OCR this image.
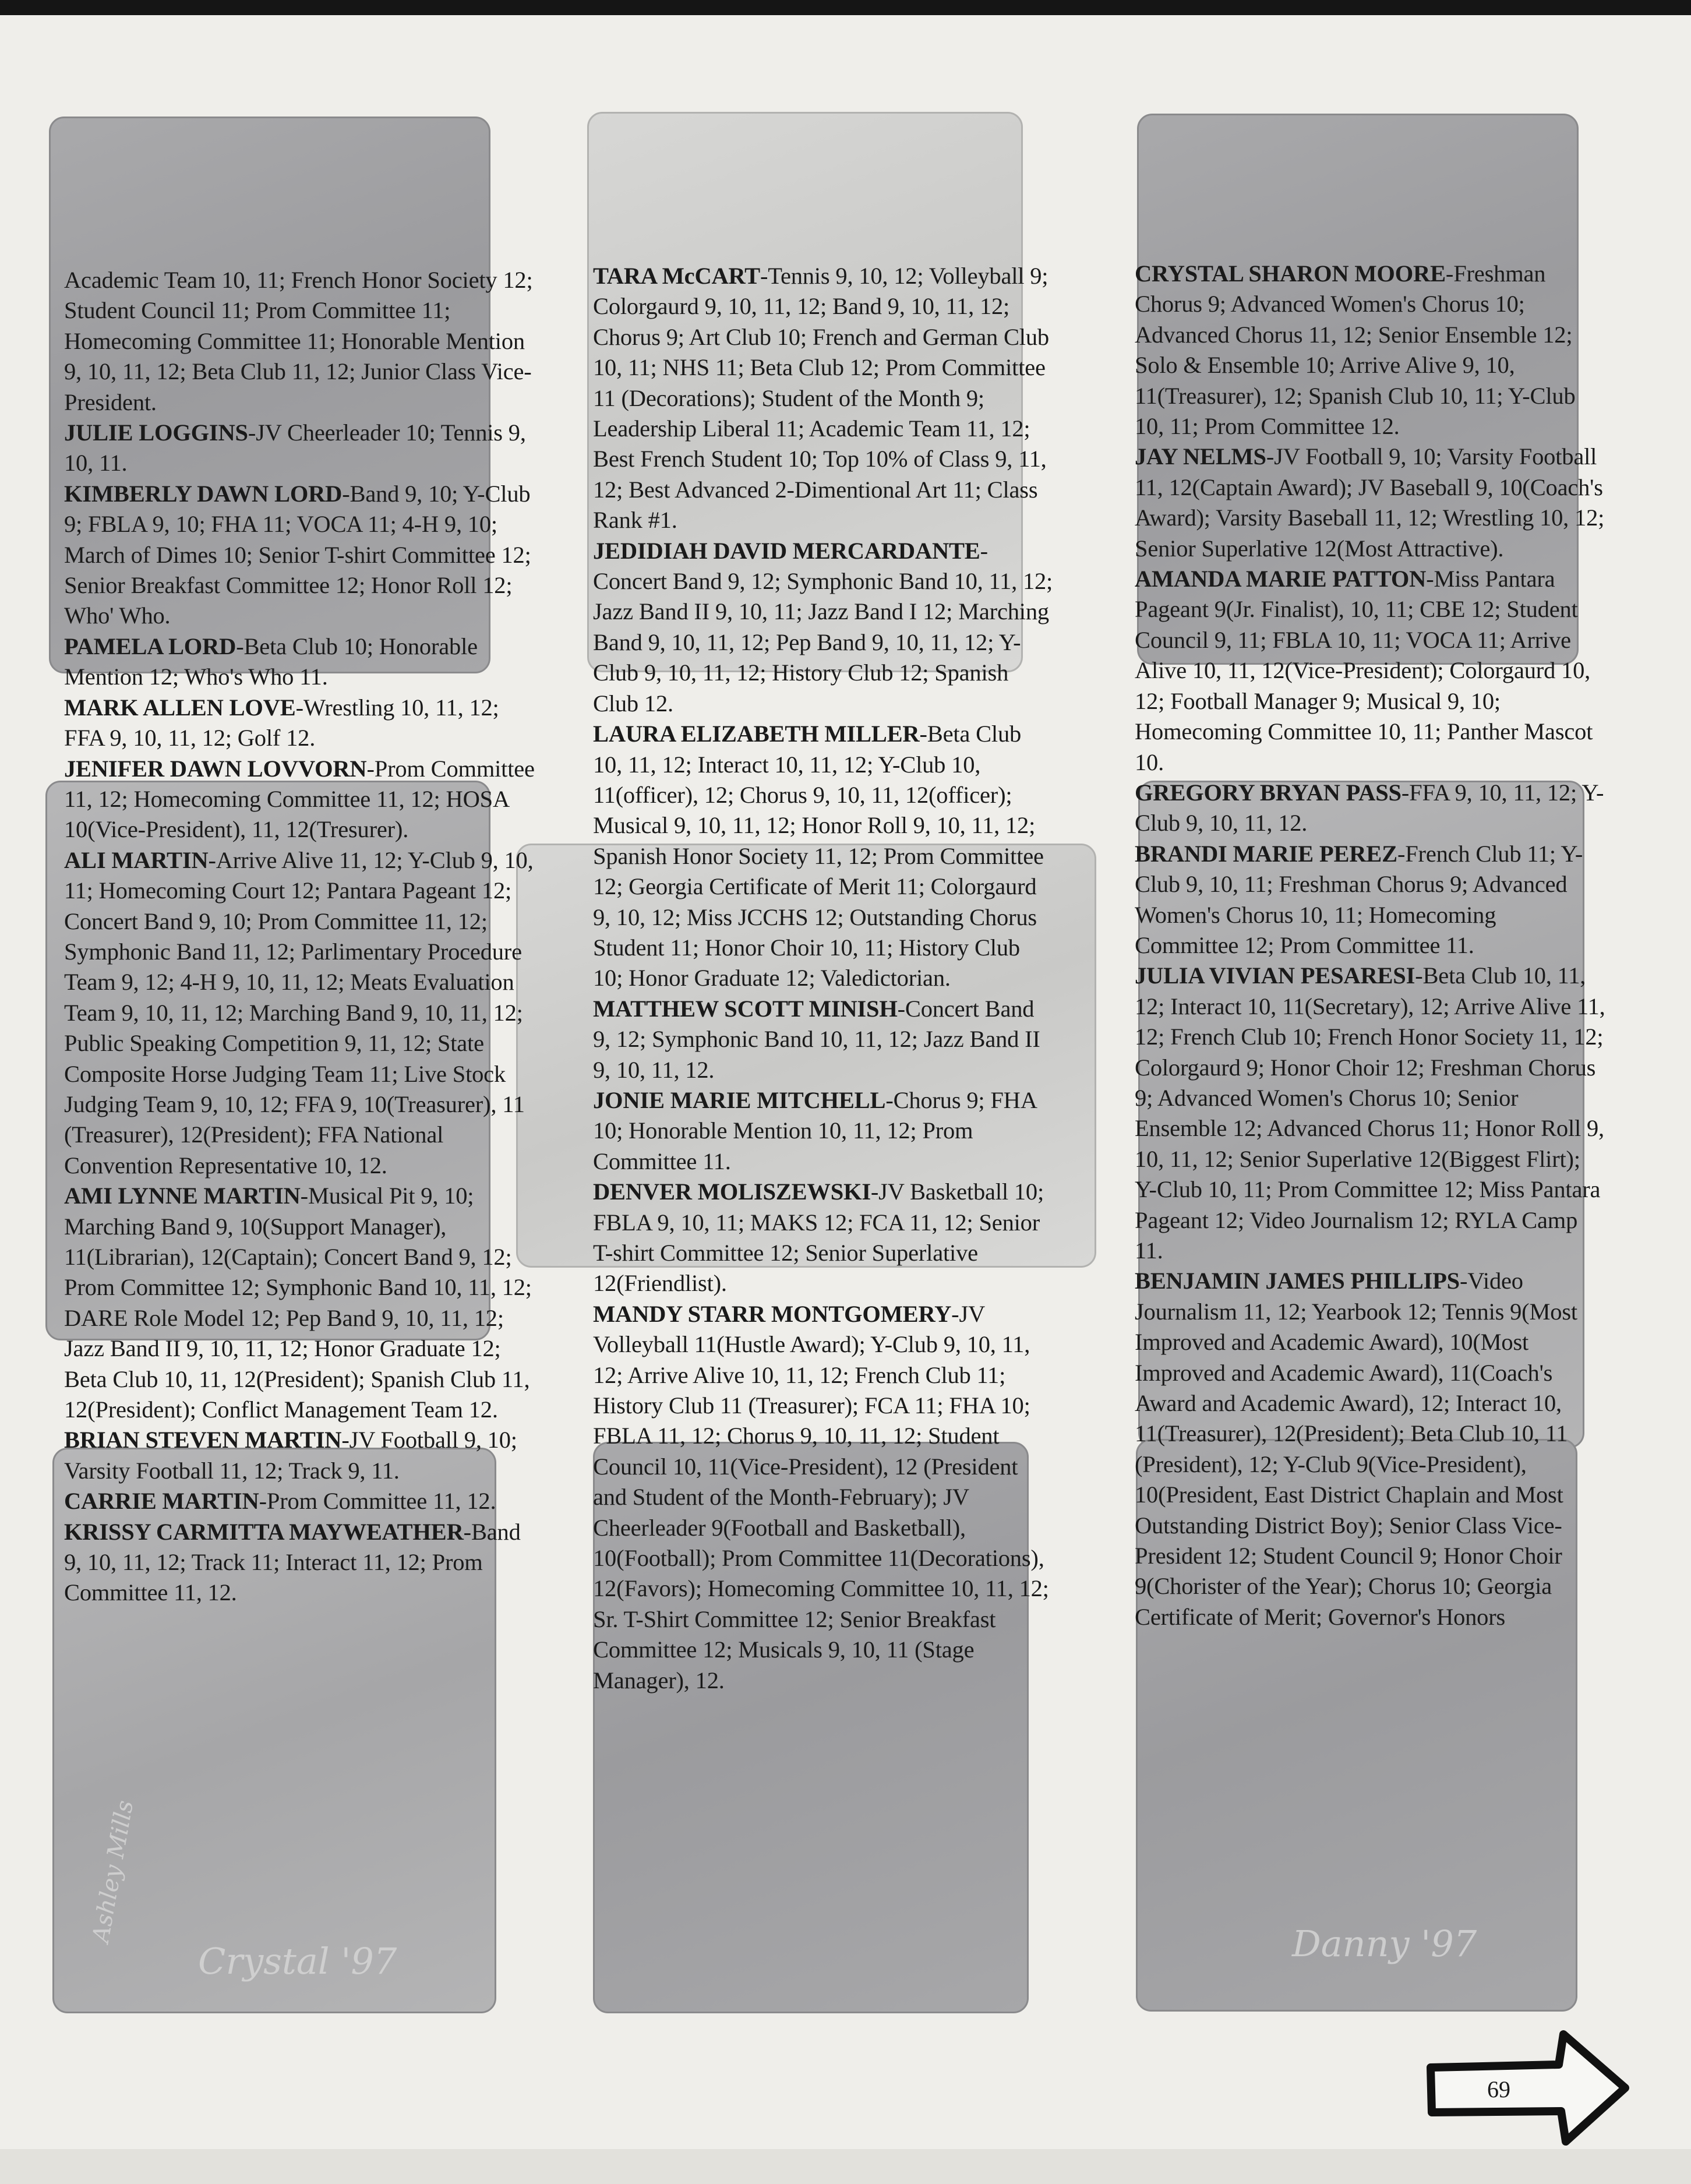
Crystal '97
Ashley Mills	Danny '97

Academic Team 10, 11; French Honor Society 12; Student Council 11; Prom Committee 11; Homecoming Committee 11; Honorable Mention 9, 10, 11, 12; Beta Club 11, 12; Junior Class Vice-President.

JULIE LOGGINS-JV Cheerleader 10; Tennis 9, 10, 11.

KIMBERLY DAWN LORD-Band 9, 10; Y-Club 9; FBLA 9, 10; FHA 11; VOCA 11; 4-H 9, 10; March of Dimes 10; Senior T-shirt Committee 12; Senior Breakfast Committee 12; Honor Roll 12; Who' Who.

PAMELA LORD-Beta Club 10; Honorable Mention 12; Who's Who 11.

MARK ALLEN LOVE-Wrestling 10, 11, 12; FFA 9, 10, 11, 12; Golf 12.

JENIFER DAWN LOVVORN-Prom Committee 11, 12; Homecoming Committee 11, 12; HOSA 10(Vice-President), 11, 12(Tresurer).

ALI MARTIN-Arrive Alive 11, 12; Y-Club 9, 10, 11; Homecoming Court 12; Pantara Pageant 12; Concert Band 9, 10; Prom Committee 11, 12; Symphonic Band 11, 12; Parlimentary Procedure Team 9, 12; 4-H 9, 10, 11, 12; Meats Evaluation Team 9, 10, 11, 12; Marching Band 9, 10, 11, 12; Public Speaking Competition 9, 11, 12; State Composite Horse Judging Team 11; Live Stock Judging Team 9, 10, 12; FFA 9, 10(Treasurer), 11 (Treasurer), 12(President); FFA National Convention Representative 10, 12.

AMI LYNNE MARTIN-Musical Pit 9, 10; Marching Band 9, 10(Support Manager), 11(Librarian), 12(Captain); Concert Band 9, 12; Prom Committee 12; Symphonic Band 10, 11, 12; DARE Role Model 12; Pep Band 9, 10, 11, 12; Jazz Band II 9, 10, 11, 12; Honor Graduate 12; Beta Club 10, 11, 12(President); Spanish Club 11, 12(President); Conflict Management Team 12.

BRIAN STEVEN MARTIN-JV Football 9, 10; Varsity Football 11, 12; Track 9, 11.

CARRIE MARTIN-Prom Committee 11, 12.

KRISSY CARMITTA MAYWEATHER-Band 9, 10, 11, 12; Track 11; Interact 11, 12; Prom Committee 11, 12.

TARA McCART-Tennis 9, 10, 12; Volleyball 9; Colorgaurd 9, 10, 11, 12; Band 9, 10, 11, 12; Chorus 9; Art Club 10; French and German Club 10, 11; NHS 11; Beta Club 12; Prom Committee 11 (Decorations); Student of the Month 9; Leadership Liberal 11; Academic Team 11, 12; Best French Student 10; Top 10% of Class 9, 11, 12; Best Advanced 2-Dimentional Art 11; Class Rank #1.

JEDIDIAH DAVID MERCARDANTE-Concert Band 9, 12; Symphonic Band 10, 11, 12; Jazz Band II 9, 10, 11; Jazz Band I 12; Marching Band 9, 10, 11, 12; Pep Band 9, 10, 11, 12; Y-Club 9, 10, 11, 12; History Club 12; Spanish Club 12.

LAURA ELIZABETH MILLER-Beta Club 10, 11, 12; Interact 10, 11, 12; Y-Club 10, 11(officer), 12; Chorus 9, 10, 11, 12(officer); Musical 9, 10, 11, 12; Honor Roll 9, 10, 11, 12; Spanish Honor Society 11, 12; Prom Committee 12; Georgia Certificate of Merit 11; Colorgaurd 9, 10, 12; Miss JCCHS 12; Outstanding Chorus Student 11; Honor Choir 10, 11; History Club 10; Honor Graduate 12; Valedictorian.

MATTHEW SCOTT MINISH-Concert Band 9, 12; Symphonic Band 10, 11, 12; Jazz Band II 9, 10, 11, 12.

JONIE MARIE MITCHELL-Chorus 9; FHA 10; Honorable Mention 10, 11, 12; Prom Committee 11.

DENVER MOLISZEWSKI-JV Basketball 10; FBLA 9, 10, 11; MAKS 12; FCA 11, 12; Senior T-shirt Committee 12; Senior Superlative 12(Friendlist).

MANDY STARR MONTGOMERY-JV Volleyball 11(Hustle Award); Y-Club 9, 10, 11, 12; Arrive Alive 10, 11, 12; French Club 11; History Club 11 (Treasurer); FCA 11; FHA 10; FBLA 11, 12; Chorus 9, 10, 11, 12; Student Council 10, 11(Vice-President), 12 (President and Student of the Month-February); JV Cheerleader 9(Football and Basketball), 10(Football); Prom Committee 11(Decorations), 12(Favors); Homecoming Committee 10, 11, 12; Sr. T-Shirt Committee 12; Senior Breakfast Committee 12; Musicals 9, 10, 11 (Stage Manager), 12.

CRYSTAL SHARON MOORE-Freshman Chorus 9; Advanced Women's Chorus 10; Advanced Chorus 11, 12; Senior Ensemble 12; Solo & Ensemble 10; Arrive Alive 9, 10, 11(Treasurer), 12; Spanish Club 10, 11; Y-Club 10, 11; Prom Committee 12.

JAY NELMS-JV Football 9, 10; Varsity Football 11, 12(Captain Award); JV Baseball 9, 10(Coach's Award); Varsity Baseball 11, 12; Wrestling 10, 12; Senior Superlative 12(Most Attractive).

AMANDA MARIE PATTON-Miss Pantara Pageant 9(Jr. Finalist), 10, 11; CBE 12; Student Council 9, 11; FBLA 10, 11; VOCA 11; Arrive Alive 10, 11, 12(Vice-President); Colorgaurd 10, 12; Football Manager 9; Musical 9, 10; Homecoming Committee 10, 11; Panther Mascot 10.

GREGORY BRYAN PASS-FFA 9, 10, 11, 12; Y-Club 9, 10, 11, 12.

BRANDI MARIE PEREZ-French Club 11; Y-Club 9, 10, 11; Freshman Chorus 9; Advanced Women's Chorus 10, 11; Homecoming Committee 12; Prom Committee 11.

JULIA VIVIAN PESARESI-Beta Club 10, 11, 12; Interact 10, 11(Secretary), 12; Arrive Alive 11, 12; French Club 10; French Honor Society 11, 12; Colorgaurd 9; Honor Choir 12; Freshman Chorus 9; Advanced Women's Chorus 10; Senior Ensemble 12; Advanced Chorus 11; Honor Roll 9, 10, 11, 12; Senior Superlative 12(Biggest Flirt); Y-Club 10, 11; Prom Committee 12; Miss Pantara Pageant 12; Video Journalism 12; RYLA Camp 11.

BENJAMIN JAMES PHILLIPS-Video Journalism 11, 12; Yearbook 12; Tennis 9(Most Improved and Academic Award), 10(Most Improved and Academic Award), 11(Coach's Award and Academic Award), 12; Interact 10, 11(Treasurer), 12(President); Beta Club 10, 11 (President), 12; Y-Club 9(Vice-President), 10(President, East District Chaplain and Most Outstanding District Boy); Senior Class Vice-President 12; Student Council 9; Honor Choir 9(Chorister of the Year); Chorus 10; Georgia Certificate of Merit; Governor's Honors

69
